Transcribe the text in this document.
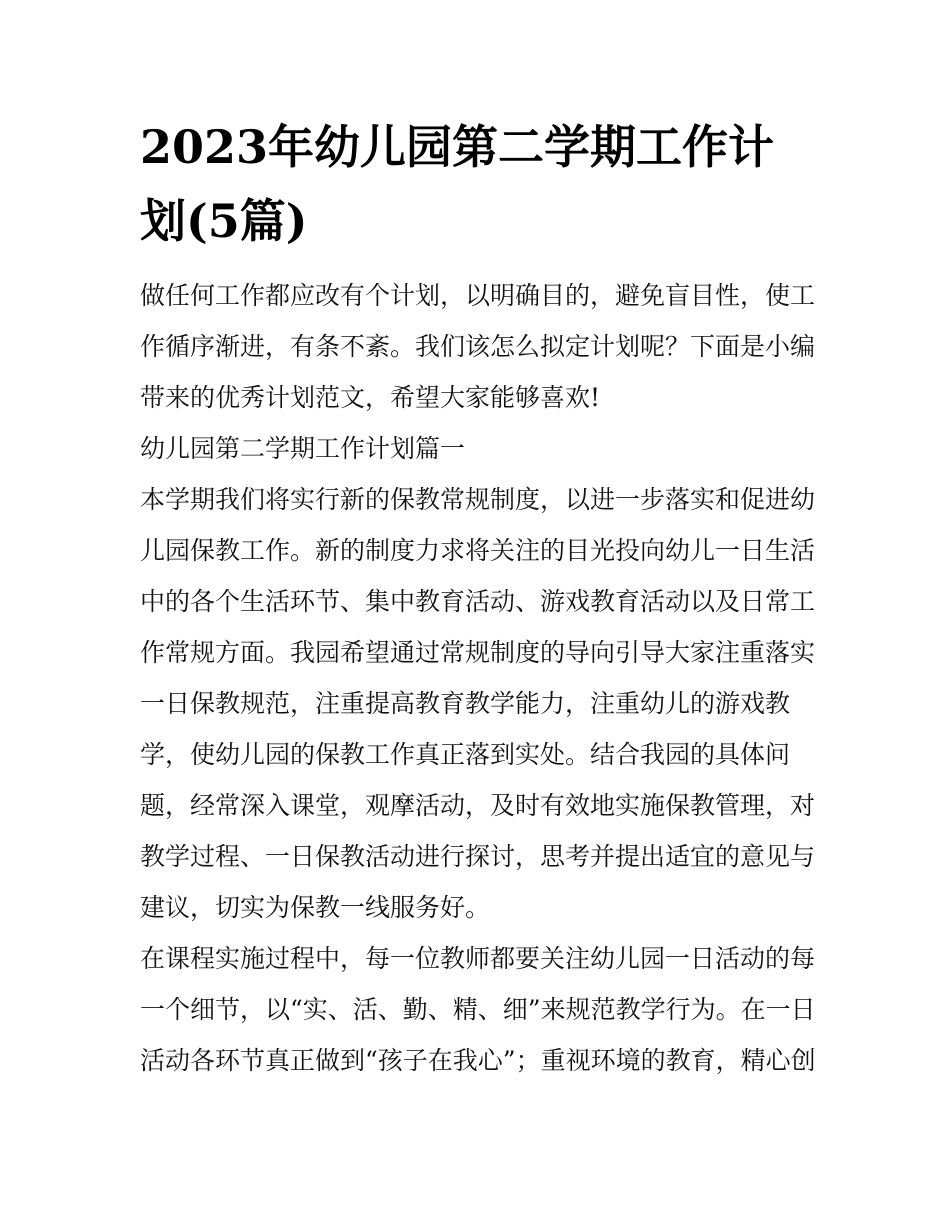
2023年幼儿园第二学期工作计
划(5篇)

做任何工作都应改有个计划，以明确目的，避免盲目性，使工
作循序渐进，有条不紊。我们该怎么拟定计划呢？下面是小编
带来的优秀计划范文，希望大家能够喜欢!

幼儿园第二学期工作计划篇一

本学期我们将实行新的保教常规制度，以进一步落实和促进幼
儿园保教工作。新的制度力求将关注的目光投向幼儿一日生活
中的各个生活环节、集中教育活动、游戏教育活动以及日常工
作常规方面。我园希望通过常规制度的导向引导大家注重落实
一日保教规范，注重提高教育教学能力，注重幼儿的游戏教
学，使幼儿园的保教工作真正落到实处。结合我园的具体问
题，经常深入课堂，观摩活动，及时有效地实施保教管理，对
教学过程、一日保教活动进行探讨，思考并提出适宜的意见与
建议，切实为保教一线服务好。

在课程实施过程中，每一位教师都要关注幼儿园一日活动的每
一个细节，以“实、活、勤、精、细”来规范教学行为。在一日
活动各环节真正做到“孩子在我心”；重视环境的教育，精心创
